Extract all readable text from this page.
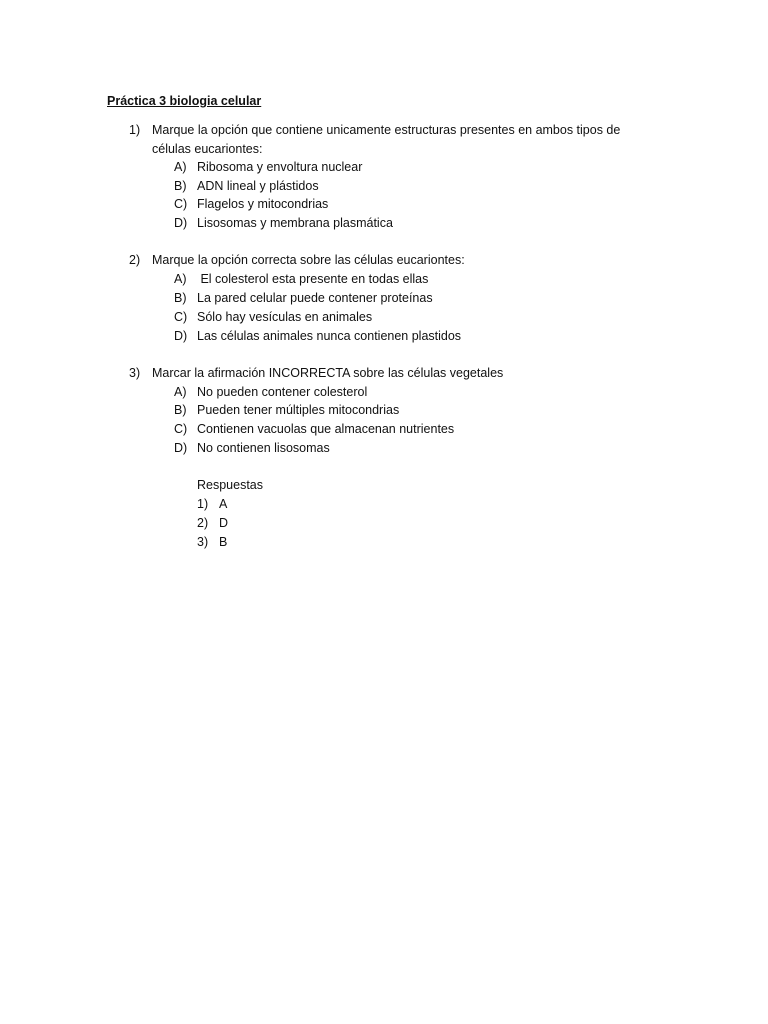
Práctica 3 biologia celular
1) Marque la opción que contiene unicamente estructuras presentes en ambos tipos de células eucariontes:
A) Ribosoma y envoltura nuclear
B) ADN lineal y plástidos
C) Flagelos y mitocondrias
D) Lisosomas y membrana plasmática
2) Marque la opción correcta sobre las células eucariontes:
A) El colesterol esta presente en todas ellas
B) La pared celular puede contener proteínas
C) Sólo hay vesículas en animales
D) Las células animales nunca contienen plastidos
3) Marcar la afirmación INCORRECTA sobre las células vegetales
A) No pueden contener colesterol
B) Pueden tener múltiples mitocondrias
C) Contienen vacuolas que almacenan nutrientes
D) No contienen lisosomas
Respuestas
1) A
2) D
3) B
